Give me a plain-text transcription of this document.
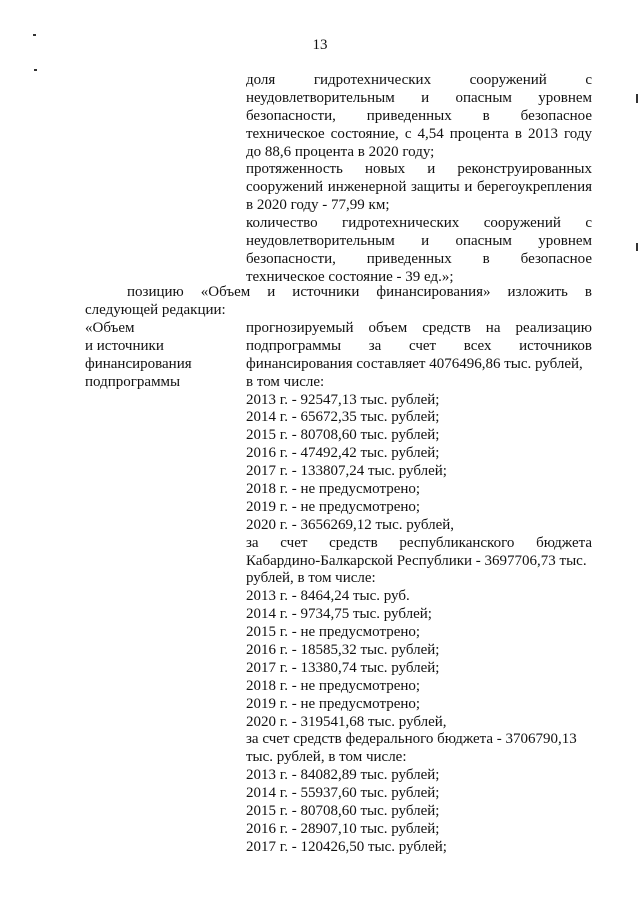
13
доля гидротехнических сооружений с
неудовлетворительным и опасным уровнем
безопасности, приведенных в безопасное
техническое состояние, с 4,54 процента в 2013 году
до 88,6 процента в 2020 году;
протяженность новых и реконструированных
сооружений инженерной защиты и берегоукрепления
в 2020 году - 77,99 км;
количество гидротехнических сооружений с
неудовлетворительным и опасным уровнем
безопасности, приведенных в безопасное
техническое состояние - 39 ед.»;
позицию «Объем и источники финансирования» изложить в
следующей редакции:
«Объем
и источники
финансирования
подпрограммы
прогнозируемый объем средств на реализацию
подпрограммы за счет всех источников
финансирования составляет 4076496,86 тыс. рублей,
в том числе:
2013 г. - 92547,13 тыс. рублей;
2014 г. - 65672,35 тыс. рублей;
2015 г. - 80708,60 тыс. рублей;
2016 г. - 47492,42 тыс. рублей;
2017 г. - 133807,24 тыс. рублей;
2018 г. - не предусмотрено;
2019 г. - не предусмотрено;
2020 г. - 3656269,12 тыс. рублей,
за счет средств республиканского бюджета
Кабардино-Балкарской Республики - 3697706,73 тыс.
рублей, в том числе:
2013 г. - 8464,24 тыс. руб.
2014 г. - 9734,75 тыс. рублей;
2015 г. - не предусмотрено;
2016 г. - 18585,32 тыс. рублей;
2017 г. - 13380,74 тыс. рублей;
2018 г. - не предусмотрено;
2019 г. - не предусмотрено;
2020 г. - 319541,68 тыс. рублей,
за счет средств федерального бюджета - 3706790,13
тыс. рублей, в том числе:
2013 г. - 84082,89 тыс. рублей;
2014 г. - 55937,60 тыс. рублей;
2015 г. - 80708,60 тыс. рублей;
2016 г. - 28907,10 тыс. рублей;
2017 г. - 120426,50 тыс. рублей;
